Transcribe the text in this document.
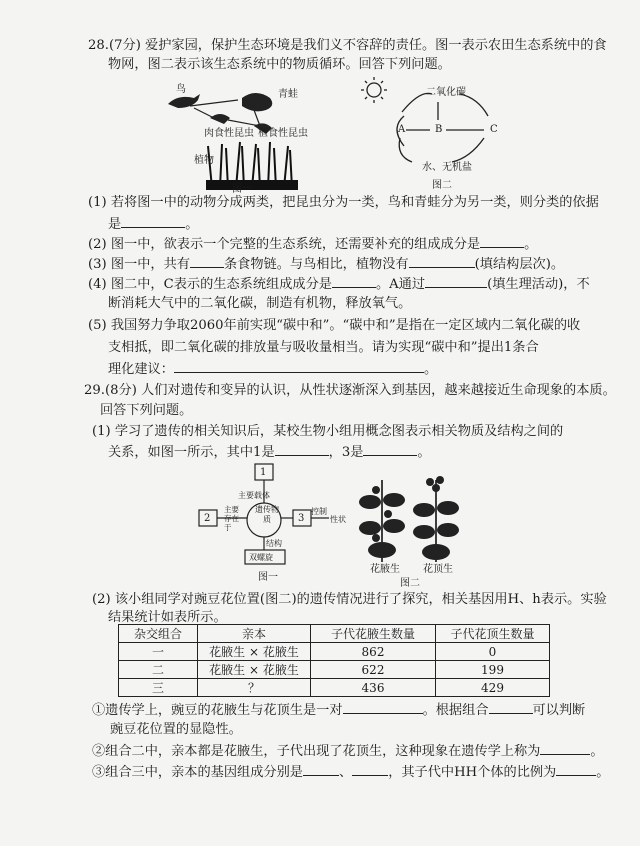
28.(7分) 爱护家园，保护生态环境是我们义不容辞的责任。图一表示农田生态系统中的食
物网，图二表示该生态系统中的物质循环。回答下列问题。
鸟	青蛙
肉食性昆虫 植食性昆虫
植物
图一
二氧化碳
A	B	C
水、无机盐
图二
(1) 若将图一中的动物分成两类，把昆虫分为一类，鸟和青蛙分为另一类，则分类的依据
是	。
(2) 图一中，欲表示一个完整的生态系统，还需要补充的组成成分是	。
(3) 图一中，共有	条食物链。与鸟相比，植物没有	(填结构层次)。
(4) 图二中，C表示的生态系统组成成分是	。A通过	(填生理活动)，不
断消耗大气中的二氧化碳，制造有机物，释放氧气。
(5) 我国努力争取2060年前实现“碳中和”。“碳中和”是指在一定区域内二氧化碳的收
支相抵，即二氧化碳的排放量与吸收量相当。请为实现“碳中和”提出1条合
理化建议：	。
29.(8分) 人们对遗传和变异的认识，从性状逐渐深入到基因，越来越接近生命现象的本质。
回答下列问题。
(1) 学习了遗传的相关知识后，某校生物小组用概念图表示相关物质及结构之间的
关系，如图一所示，其中1是	，3是	。
1
2	3
遗传物质
主要载体
主要存在于
控制
性状
结构
双螺旋
图一
花腋生 花顶生
图二
(2) 该小组同学对豌豆花位置(图二)的遗传情况进行了探究，相关基因用H、h表示。实验
结果统计如表所示。
杂交组合	亲本	子代花腋生数量	子代花顶生数量
一	花腋生 × 花腋生	862	0
二	花腋生 × 花腋生	622	199
三	？	436	429
①遗传学上，豌豆的花腋生与花顶生是一对	。根据组合	可以判断
豌豆花位置的显隐性。
②组合二中，亲本都是花腋生，子代出现了花顶生，这种现象在遗传学上称为	。
③组合三中，亲本的基因组成分别是	、	，其子代中HH个体的比例为	。
